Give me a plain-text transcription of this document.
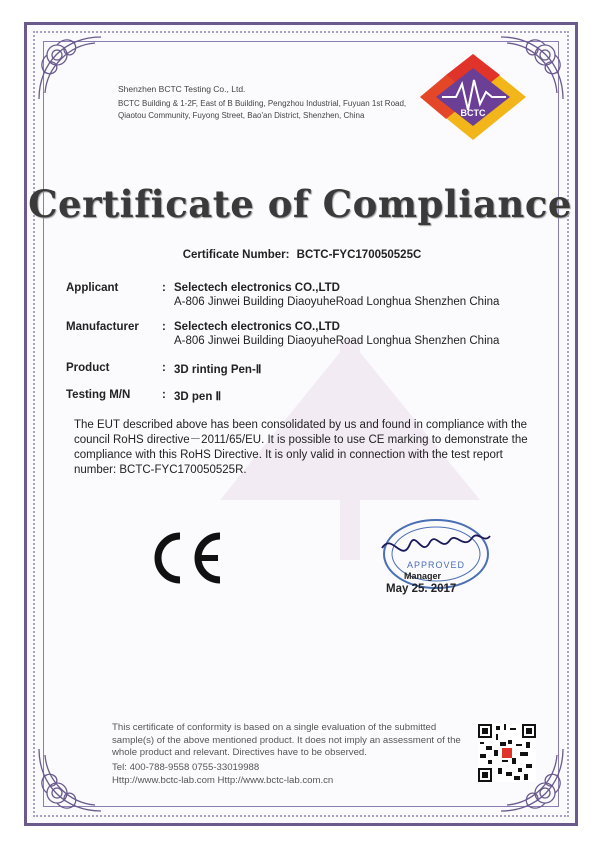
Shenzhen BCTC Testing Co., Ltd.
BCTC Building & 1-2F, East of B Building, Pengzhou Industrial, Fuyuan 1st Road,
Qiaotou Community, Fuyong Street, Bao'an District, Shenzhen, China	BCTC
Certificate of Compliance
Certificate Number: BCTC-FYC170050525C
Applicant	: Selectech electronics CO.,LTD
A-806 Jinwei Building DiaoyuheRoad Longhua Shenzhen China
Manufacturer	: Selectech electronics CO.,LTD
A-806 Jinwei Building DiaoyuheRoad Longhua Shenzhen China
Product	: 3D rinting Pen-Ⅱ
Testing M/N	: 3D pen Ⅱ
The EUT described above has been consolidated by us and found in compliance with the council RoHS directive－2011/65/EU. It is possible to use CE marking to demonstrate the compliance with this RoHS Directive. It is only valid in connection with the test report number: BCTC-FYC170050525R.
CE
APPROVED
linzhang
Manager
May 25. 2017
This certificate of conformity is based on a single evaluation of the submitted sample(s) of the above mentioned product. It does not imply an assessment of the whole product and relevant. Directives have to be observed.
Tel: 400-788-9558 0755-33019988
Http://www.bctc-lab.com Http://www.bctc-lab.com.cn
